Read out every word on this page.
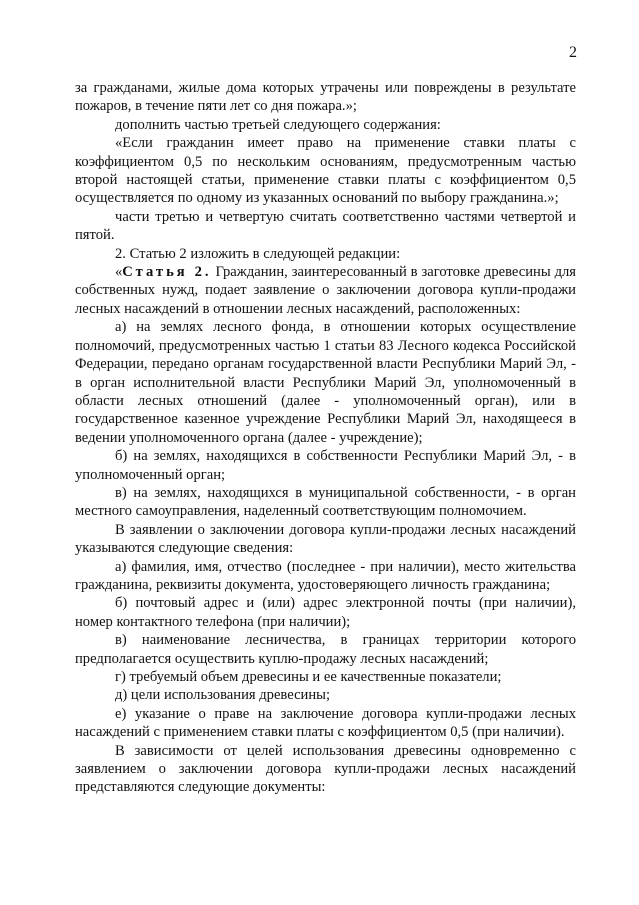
2

за гражданами, жилые дома которых утрачены или повреждены в результате пожаров, в течение пяти лет со дня пожара.»;

дополнить частью третьей следующего содержания:

«Если гражданин имеет право на применение ставки платы с коэффициентом 0,5 по нескольким основаниям, предусмотренным частью второй настоящей статьи, применение ставки платы с коэффициентом 0,5 осуществляется по одному из указанных оснований по выбору гражданина.»;

части третью и четвертую считать соответственно частями четвертой и пятой.

2. Статью 2 изложить в следующей редакции:

«Статья 2. Гражданин, заинтересованный в заготовке древесины для собственных нужд, подает заявление о заключении договора купли-продажи лесных насаждений в отношении лесных насаждений, расположенных:

а) на землях лесного фонда, в отношении которых осуществление полномочий, предусмотренных частью 1 статьи 83 Лесного кодекса Российской Федерации, передано органам государственной власти Республики Марий Эл, - в орган исполнительной власти Республики Марий Эл, уполномоченный в области лесных отношений (далее - уполномоченный орган), или в государственное казенное учреждение Республики Марий Эл, находящееся в ведении уполномоченного органа (далее - учреждение);

б) на землях, находящихся в собственности Республики Марий Эл, - в уполномоченный орган;

в) на землях, находящихся в муниципальной собственности, - в орган местного самоуправления, наделенный соответствующим полномочием.

В заявлении о заключении договора купли-продажи лесных насаждений указываются следующие сведения:

а) фамилия, имя, отчество (последнее - при наличии), место жительства гражданина, реквизиты документа, удостоверяющего личность гражданина;

б) почтовый адрес и (или) адрес электронной почты (при наличии), номер контактного телефона (при наличии);

в) наименование лесничества, в границах территории которого предполагается осуществить куплю-продажу лесных насаждений;

г) требуемый объем древесины и ее качественные показатели;

д) цели использования древесины;

е) указание о праве на заключение договора купли-продажи лесных насаждений с применением ставки платы с коэффициентом 0,5 (при наличии).

В зависимости от целей использования древесины одновременно с заявлением о заключении договора купли-продажи лесных насаждений представляются следующие документы:
